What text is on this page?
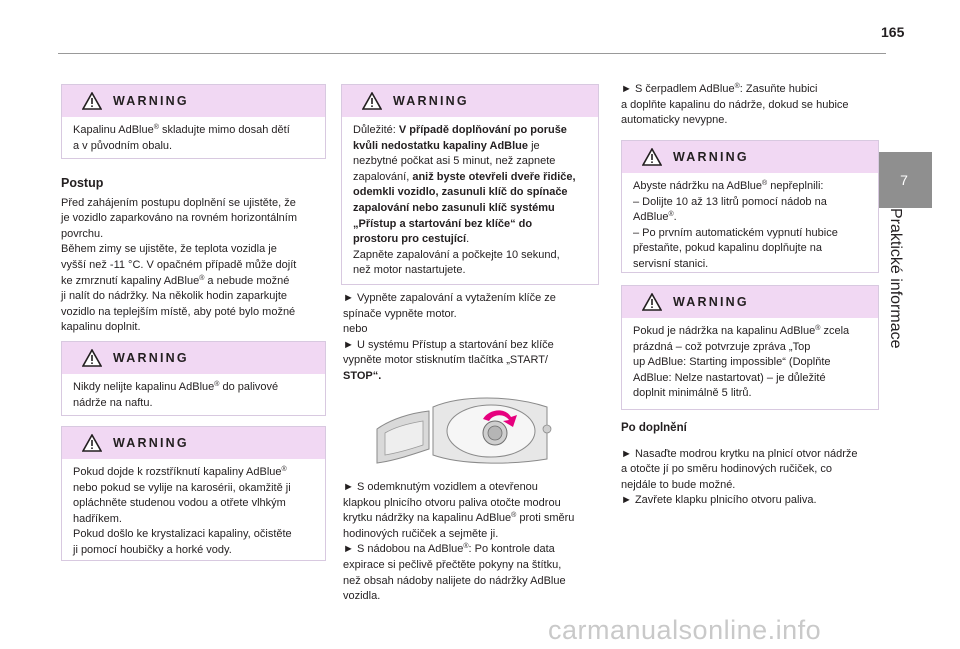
165
7
Praktické informace
WARNING

Kapalinu AdBlue® skladujte mimo dosah dětí

a v původním obalu.

Postup

Před zahájením postupu doplnění se ujistěte, že

je vozidlo zaparkováno na rovném horizontálním

povrchu.

Během zimy se ujistěte, že teplota vozidla je

vyšší než -11 °C. V opačném případě může dojít

ke zmrznutí kapaliny AdBlue® a nebude možné

ji nalít do nádržky. Na několik hodin zaparkujte

vozidlo na teplejším místě, aby poté bylo možné

kapalinu doplnit.

WARNING

Nikdy nelijte kapalinu AdBlue® do palivové

nádrže na naftu.

WARNING

Pokud dojde k rozstříknutí kapaliny AdBlue®

nebo pokud se vylije na karosérii, okamžitě ji

opláchněte studenou vodou a otřete vlhkým

hadříkem.

Pokud došlo ke krystalizaci kapaliny, očistěte

ji pomocí houbičky a horké vody.

WARNING

Důležité: V případě doplňování po poruše

kvůli nedostatku kapaliny AdBlue je

nezbytné počkat asi 5 minut, než zapnete

zapalování, aniž byste otevřeli dveře řidiče,

odemkli vozidlo, zasunuli klíč do spínače

zapalování nebo zasunuli klíč systému

„Přístup a startování bez klíče“ do

prostoru pro cestující.

Zapněte zapalování a počkejte 10 sekund,

než motor nastartujete.

► Vypněte zapalování a vytažením klíče ze

spínače vypněte motor.

nebo

► U systému Přístup a startování bez klíče

vypněte motor stisknutím tlačítka „START/

STOP“.

► S odemknutým vozidlem a otevřenou

klapkou plnicího otvoru paliva otočte modrou

krytku nádržky na kapalinu AdBlue® proti směru

hodinových ručiček a sejměte ji.

► S nádobou na AdBlue®: Po kontrole data

expirace si pečlivě přečtěte pokyny na štítku,

než obsah nádoby nalijete do nádržky AdBlue

vozidla.

► S čerpadlem AdBlue®: Zasuňte hubici

a doplňte kapalinu do nádrže, dokud se hubice

automaticky nevypne.

WARNING

Abyste nádržku na AdBlue® nepřeplnili:

– Dolijte 10 až 13 litrů pomocí nádob na

AdBlue®.

– Po prvním automatickém vypnutí hubice

přestaňte, pokud kapalinu doplňujte na

servisní stanici.

WARNING

Pokud je nádržka na kapalinu AdBlue® zcela

prázdná – což potvrzuje zpráva „Top

up AdBlue: Starting impossible“ (Doplňte

AdBlue: Nelze nastartovat) – je důležité

doplnit minimálně 5 litrů.

Po doplnění

► Nasaďte modrou krytku na plnicí otvor nádrže

a otočte jí po směru hodinových ručiček, co

nejdále to bude možné.

► Zavřete klapku plnicího otvoru paliva.

carmanualsonline.info
